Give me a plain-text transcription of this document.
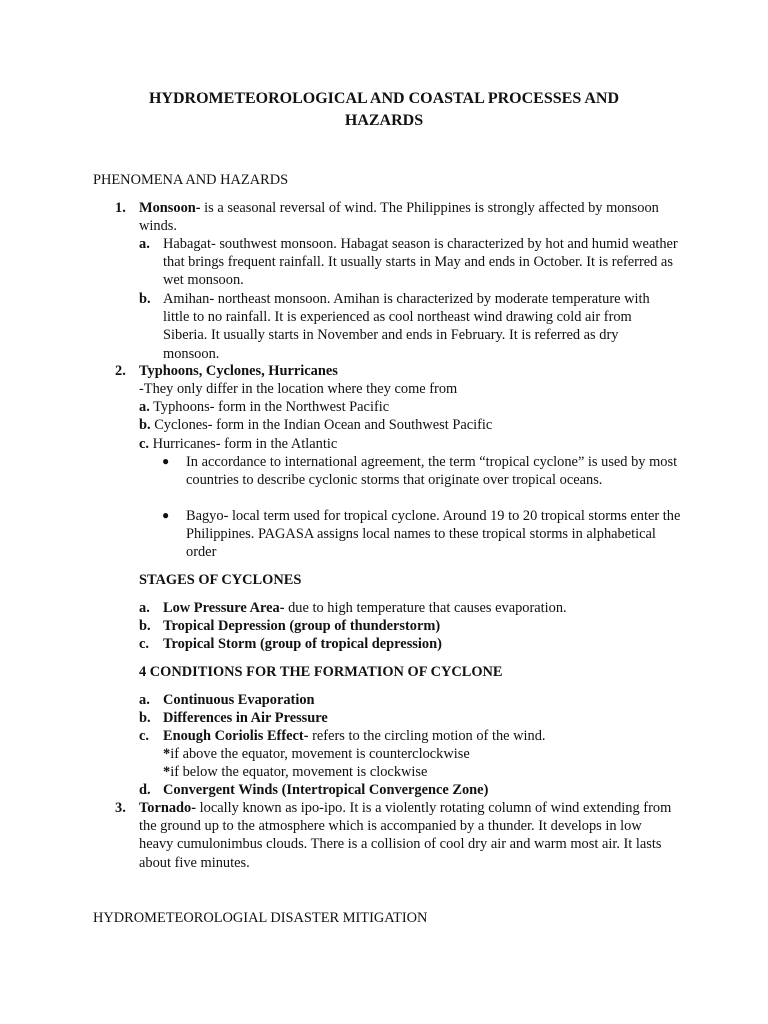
HYDROMETEOROLOGICAL AND COASTAL PROCESSES AND HAZARDS
PHENOMENA AND HAZARDS
1. Monsoon- is a seasonal reversal of wind. The Philippines is strongly affected by monsoon winds.
a. Habagat- southwest monsoon. Habagat season is characterized by hot and humid weather that brings frequent rainfall. It usually starts in May and ends in October. It is referred as wet monsoon.
b. Amihan- northeast monsoon. Amihan is characterized by moderate temperature with little to no rainfall. It is experienced as cool northeast wind drawing cold air from Siberia. It usually starts in November and ends in February. It is referred as dry monsoon.
2. Typhoons, Cyclones, Hurricanes
-They only differ in the location where they come from
a. Typhoons- form in the Northwest Pacific
b. Cyclones- form in the Indian Ocean and Southwest Pacific
c. Hurricanes- form in the Atlantic
● In accordance to international agreement, the term “tropical cyclone” is used by most countries to describe cyclonic storms that originate over tropical oceans.
● Bagyo- local term used for tropical cyclone. Around 19 to 20 tropical storms enter the Philippines. PAGASA assigns local names to these tropical storms in alphabetical order
STAGES OF CYCLONES
a. Low Pressure Area- due to high temperature that causes evaporation.
b. Tropical Depression (group of thunderstorm)
c. Tropical Storm (group of tropical depression)
4 CONDITIONS FOR THE FORMATION OF CYCLONE
a. Continuous Evaporation
b. Differences in Air Pressure
c. Enough Coriolis Effect- refers to the circling motion of the wind.
*if above the equator, movement is counterclockwise
*if below the equator, movement is clockwise
d. Convergent Winds (Intertropical Convergence Zone)
3. Tornado- locally known as ipo-ipo. It is a violently rotating column of wind extending from the ground up to the atmosphere which is accompanied by a thunder. It develops in low heavy cumulonimbus clouds. There is a collision of cool dry air and warm most air. It lasts about five minutes.
HYDROMETEOROLOGIAL DISASTER MITIGATION
